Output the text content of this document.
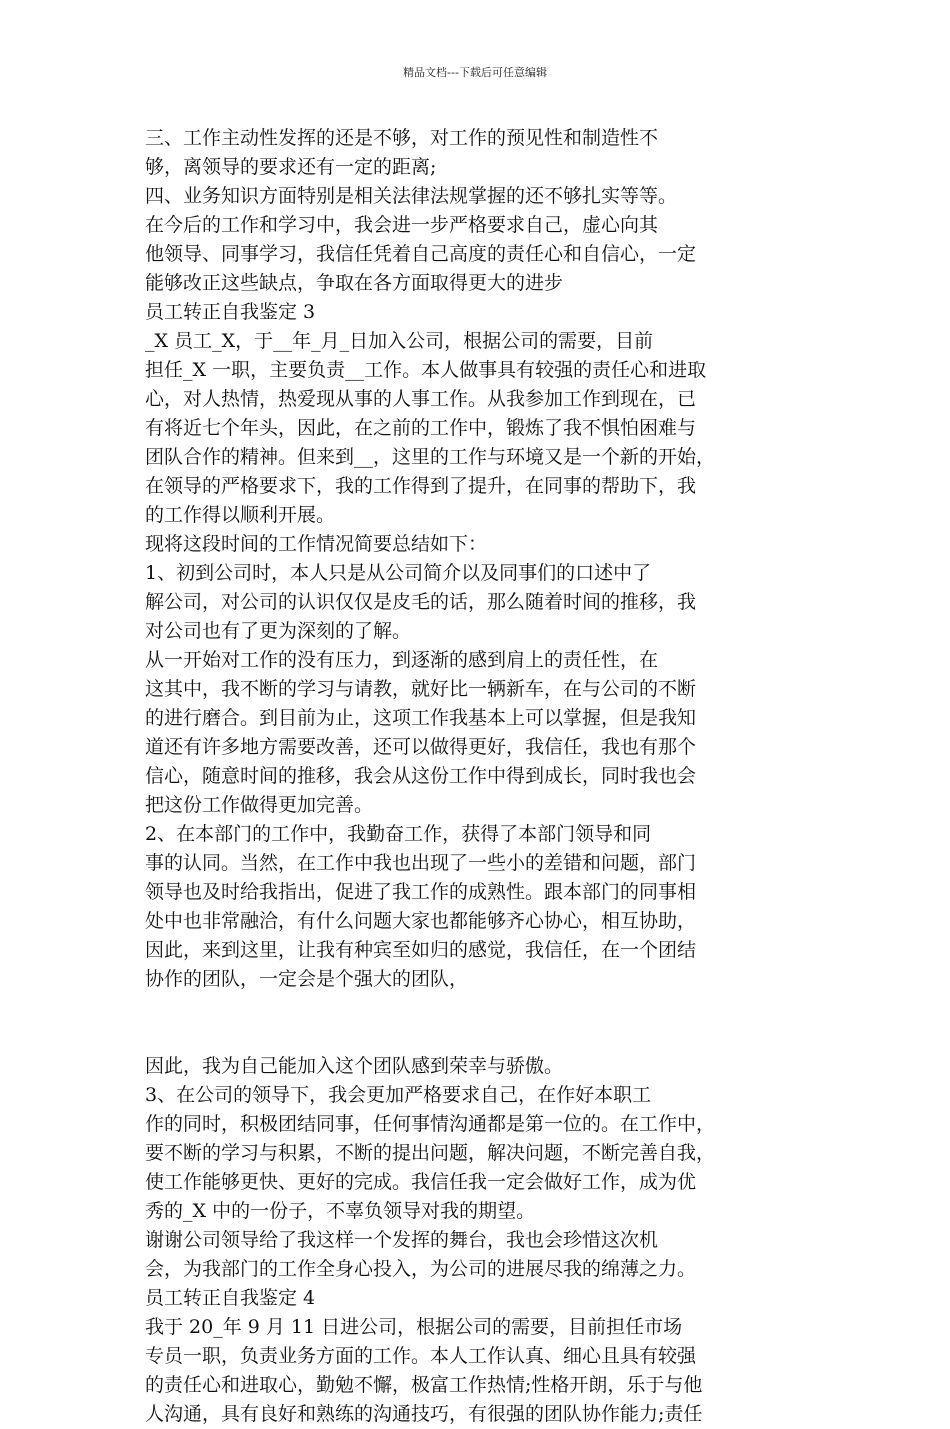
精品文档---下载后可任意编辑

三、工作主动性发挥的还是不够，对工作的预见性和制造性不

够，离领导的要求还有一定的距离;

四、业务知识方面特别是相关法律法规掌握的还不够扎实等等。

在今后的工作和学习中，我会进一步严格要求自己，虚心向其

他领导、同事学习，我信任凭着自己高度的责任心和自信心，一定

能够改正这些缺点，争取在各方面取得更大的进步

员工转正自我鉴定 3

_X 员工_X，于__年_月_日加入公司，根据公司的需要，目前

担任_X 一职，主要负责__工作。本人做事具有较强的责任心和进取

心，对人热情，热爱现从事的人事工作。从我参加工作到现在，已

有将近七个年头，因此，在之前的工作中，锻炼了我不惧怕困难与

团队合作的精神。但来到__，这里的工作与环境又是一个新的开始，

在领导的严格要求下，我的工作得到了提升，在同事的帮助下，我

的工作得以顺利开展。

现将这段时间的工作情况简要总结如下：

1、初到公司时，本人只是从公司简介以及同事们的口述中了

解公司，对公司的认识仅仅是皮毛的话，那么随着时间的推移，我

对公司也有了更为深刻的了解。

从一开始对工作的没有压力，到逐渐的感到肩上的责任性，在

这其中，我不断的学习与请教，就好比一辆新车，在与公司的不断

的进行磨合。到目前为止，这项工作我基本上可以掌握，但是我知

道还有许多地方需要改善，还可以做得更好，我信任，我也有那个

信心，随意时间的推移，我会从这份工作中得到成长，同时我也会

把这份工作做得更加完善。

2、在本部门的工作中，我勤奋工作，获得了本部门领导和同

事的认同。当然，在工作中我也出现了一些小的差错和问题，部门

领导也及时给我指出，促进了我工作的成熟性。跟本部门的同事相

处中也非常融洽，有什么问题大家也都能够齐心协心，相互协助，

因此，来到这里，让我有种宾至如归的感觉，我信任，在一个团结

协作的团队，一定会是个强大的团队，

因此，我为自己能加入这个团队感到荣幸与骄傲。

3、在公司的领导下，我会更加严格要求自己，在作好本职工

作的同时，积极团结同事，任何事情沟通都是第一位的。在工作中，

要不断的学习与积累，不断的提出问题，解决问题，不断完善自我，

使工作能够更快、更好的完成。我信任我一定会做好工作，成为优

秀的_X 中的一份子，不辜负领导对我的期望。

谢谢公司领导给了我这样一个发挥的舞台，我也会珍惜这次机

会，为我部门的工作全身心投入，为公司的进展尽我的绵薄之力。

员工转正自我鉴定 4

我于 20_年 9 月 11 日进公司，根据公司的需要，目前担任市场

专员一职，负责业务方面的工作。本人工作认真、细心且具有较强

的责任心和进取心，勤勉不懈，极富工作热情;性格开朗，乐于与他

人沟通，具有良好和熟练的沟通技巧，有很强的团队协作能力;责任
